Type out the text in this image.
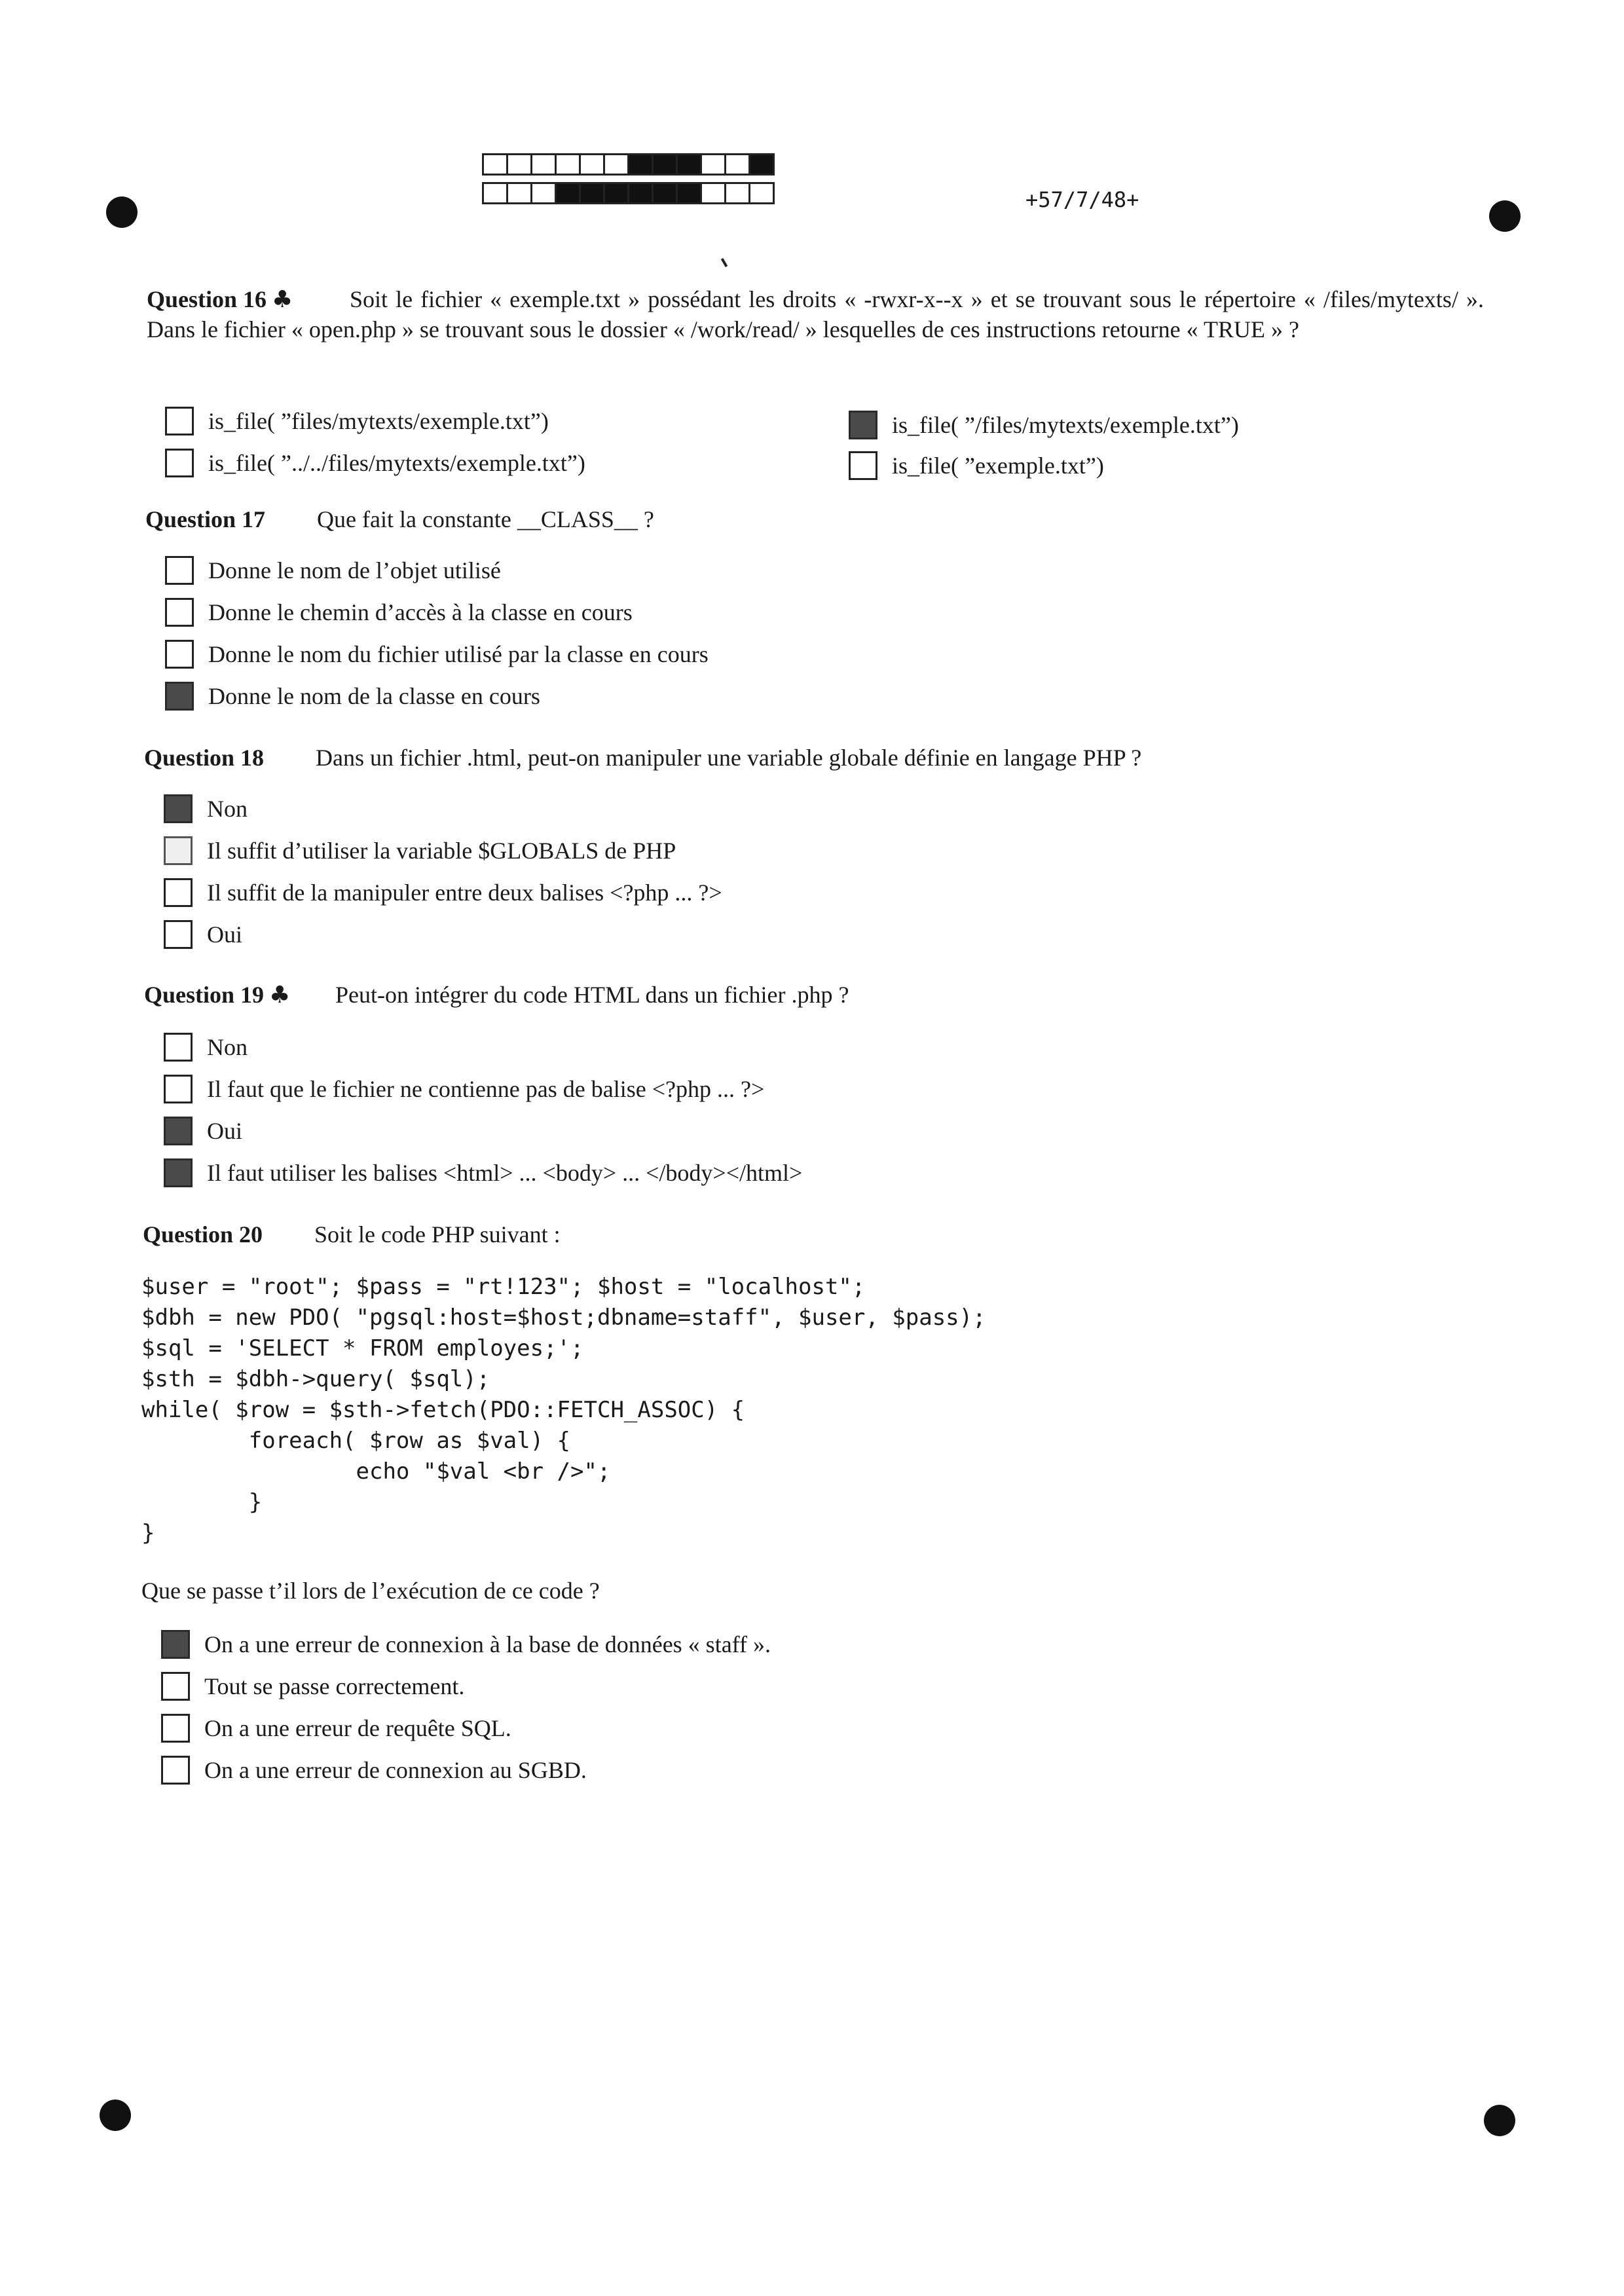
+57/7/48+
Question 16 ♣	Soit le fichier « exemple.txt » possédant les droits « -rwxr-x--x » et se trouvant sous le répertoire « /files/mytexts/ ». Dans le fichier « open.php » se trouvant sous le dossier « /work/read/ » lesquelles de ces instructions retourne « TRUE » ?
is_file( ”files/mytexts/exemple.txt”)
is_file( ”../../files/mytexts/exemple.txt”)
is_file( ”/files/mytexts/exemple.txt”)
is_file( ”exemple.txt”)
Question 17 Que fait la constante __CLASS__ ?
Donne le nom de l’objet utilisé
Donne le chemin d’accès à la classe en cours
Donne le nom du fichier utilisé par la classe en cours
Donne le nom de la classe en cours
Question 18 Dans un fichier .html, peut-on manipuler une variable globale définie en langage PHP ?
Non
Il suffit d’utiliser la variable $GLOBALS de PHP
Il suffit de la manipuler entre deux balises <?php ... ?>
Oui
Question 19 ♣ Peut-on intégrer du code HTML dans un fichier .php ?
Non
Il faut que le fichier ne contienne pas de balise <?php ... ?>
Oui
Il faut utiliser les balises <html> ... <body> ... </body></html>
Question 20 Soit le code PHP suivant :
$user = "root"; $pass = "rt!123"; $host = "localhost";
$dbh = new PDO( "pgsql:host=$host;dbname=staff", $user, $pass);
$sql = 'SELECT * FROM employes;';
$sth = $dbh->query( $sql);
while( $row = $sth->fetch(PDO::FETCH_ASSOC) {
foreach( $row as $val) {
echo "$val <br />";
}
}
Que se passe t’il lors de l’exécution de ce code ?
On a une erreur de connexion à la base de données « staff ».
Tout se passe correctement.
On a une erreur de requête SQL.
On a une erreur de connexion au SGBD.
